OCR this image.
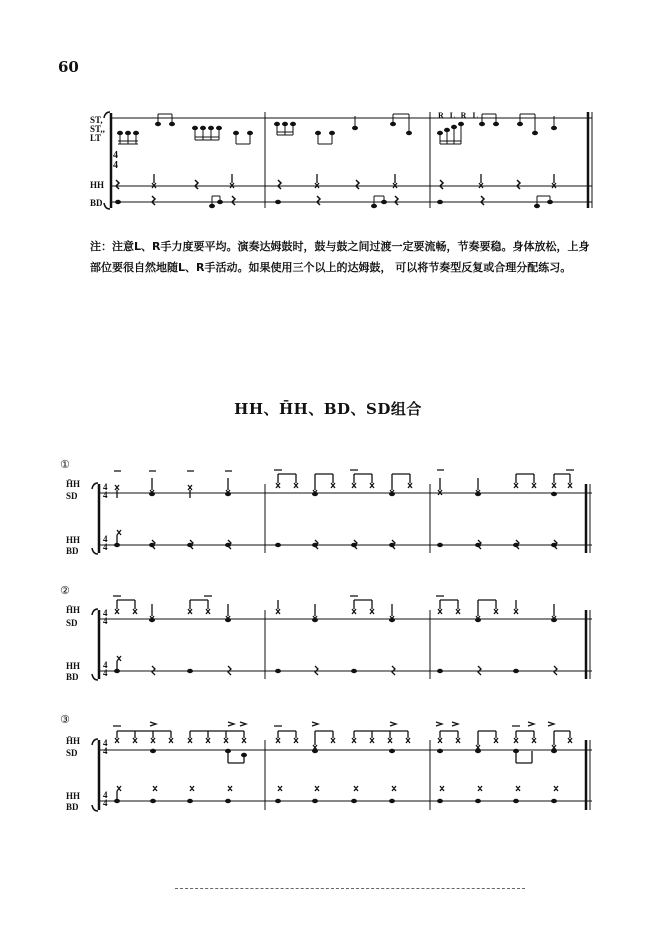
60
ST,
ST,,
LT
HH
BD
R L R L
注：注意L、R手力度要平均。演奏达姆鼓时，鼓与鼓之间过渡一定要流畅，节奏要稳。身体放松，上身部位要很自然地随L、R手活动。如果使用三个以上的达姆鼓， 可以将节奏型反复或合理分配练习。
HH、H̄H、BD、SD组合
①
H̄H
SD
HH
BD
②
H̄H
SD
HH
BD
③
H̄H
SD
HH
BD
4
4
4
4
4
4
4
4
4
4
4
4
4
4
